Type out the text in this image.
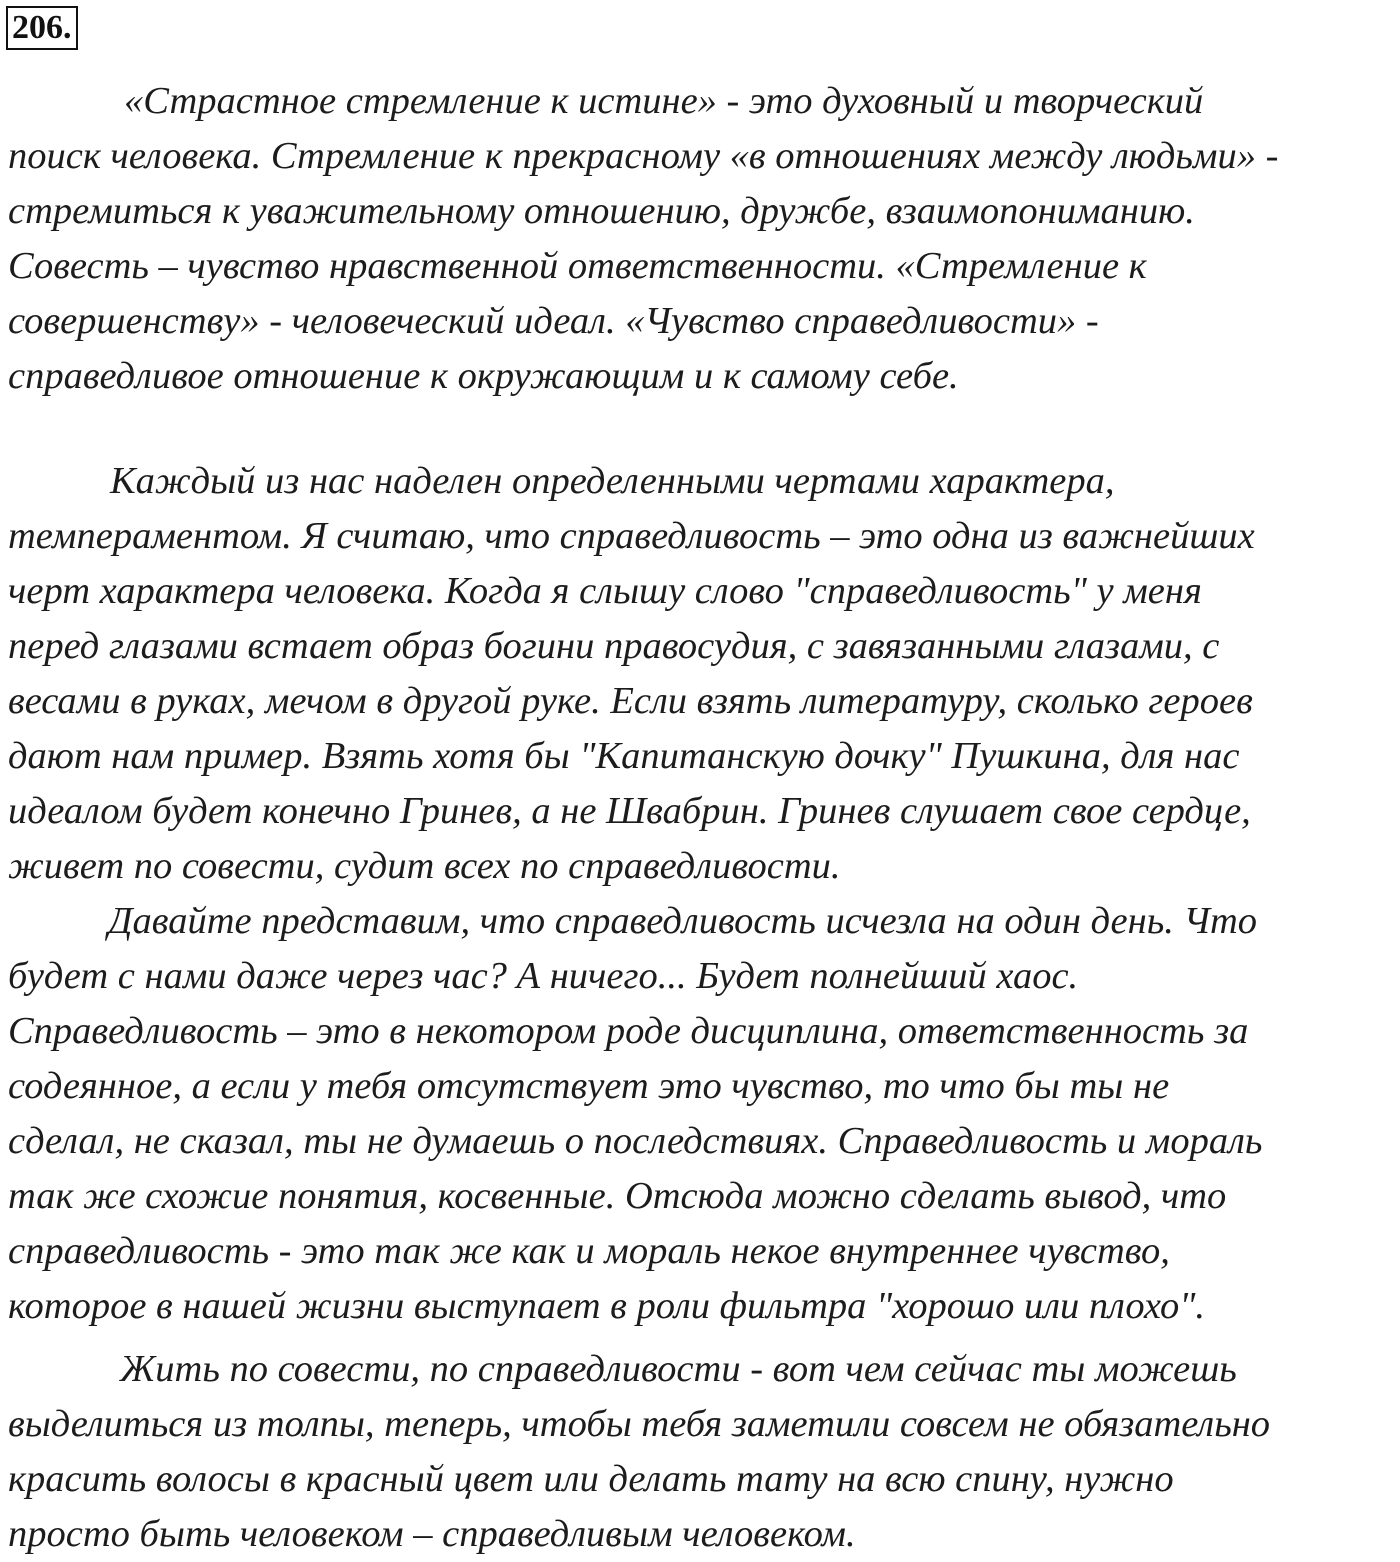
206.

«Страстное стремление к истине» - это духовный и творческий
поиск человека. Стремление к прекрасному «в отношениях между людьми» -
стремиться к уважительному отношению, дружбе, взаимопониманию.
Совесть – чувство нравственной ответственности. «Стремление к
совершенству» - человеческий идеал. «Чувство справедливости» -
справедливое отношение к окружающим и к самому себе.

Каждый из нас наделен определенными чертами характера,
темпераментом. Я считаю, что справедливость – это одна из важнейших
черт характера человека. Когда я слышу слово "справедливость" у меня
перед глазами встает образ богини правосудия, с завязанными глазами, с
весами в руках, мечом в другой руке. Если взять литературу, сколько героев
дают нам пример. Взять хотя бы "Капитанскую дочку" Пушкина, для нас
идеалом будет конечно Гринев, а не Швабрин. Гринев слушает свое сердце,
живет по совести, судит всех по справедливости.

Давайте представим, что справедливость исчезла на один день. Что
будет с нами даже через час? А ничего... Будет полнейший хаос.
Справедливость – это в некотором роде дисциплина, ответственность за
содеянное, а если у тебя отсутствует это чувство, то что бы ты не
сделал, не сказал, ты не думаешь о последствиях. Справедливость и мораль
так же схожие понятия, косвенные. Отсюда можно сделать вывод, что
справедливость - это так же как и мораль некое внутреннее чувство,
которое в нашей жизни выступает в роли фильтра "хорошо или плохо".

Жить по совести, по справедливости - вот чем сейчас ты можешь
выделиться из толпы, теперь, чтобы тебя заметили совсем не обязательно
красить волосы в красный цвет или делать тату на всю спину, нужно
просто быть человеком – справедливым человеком.
